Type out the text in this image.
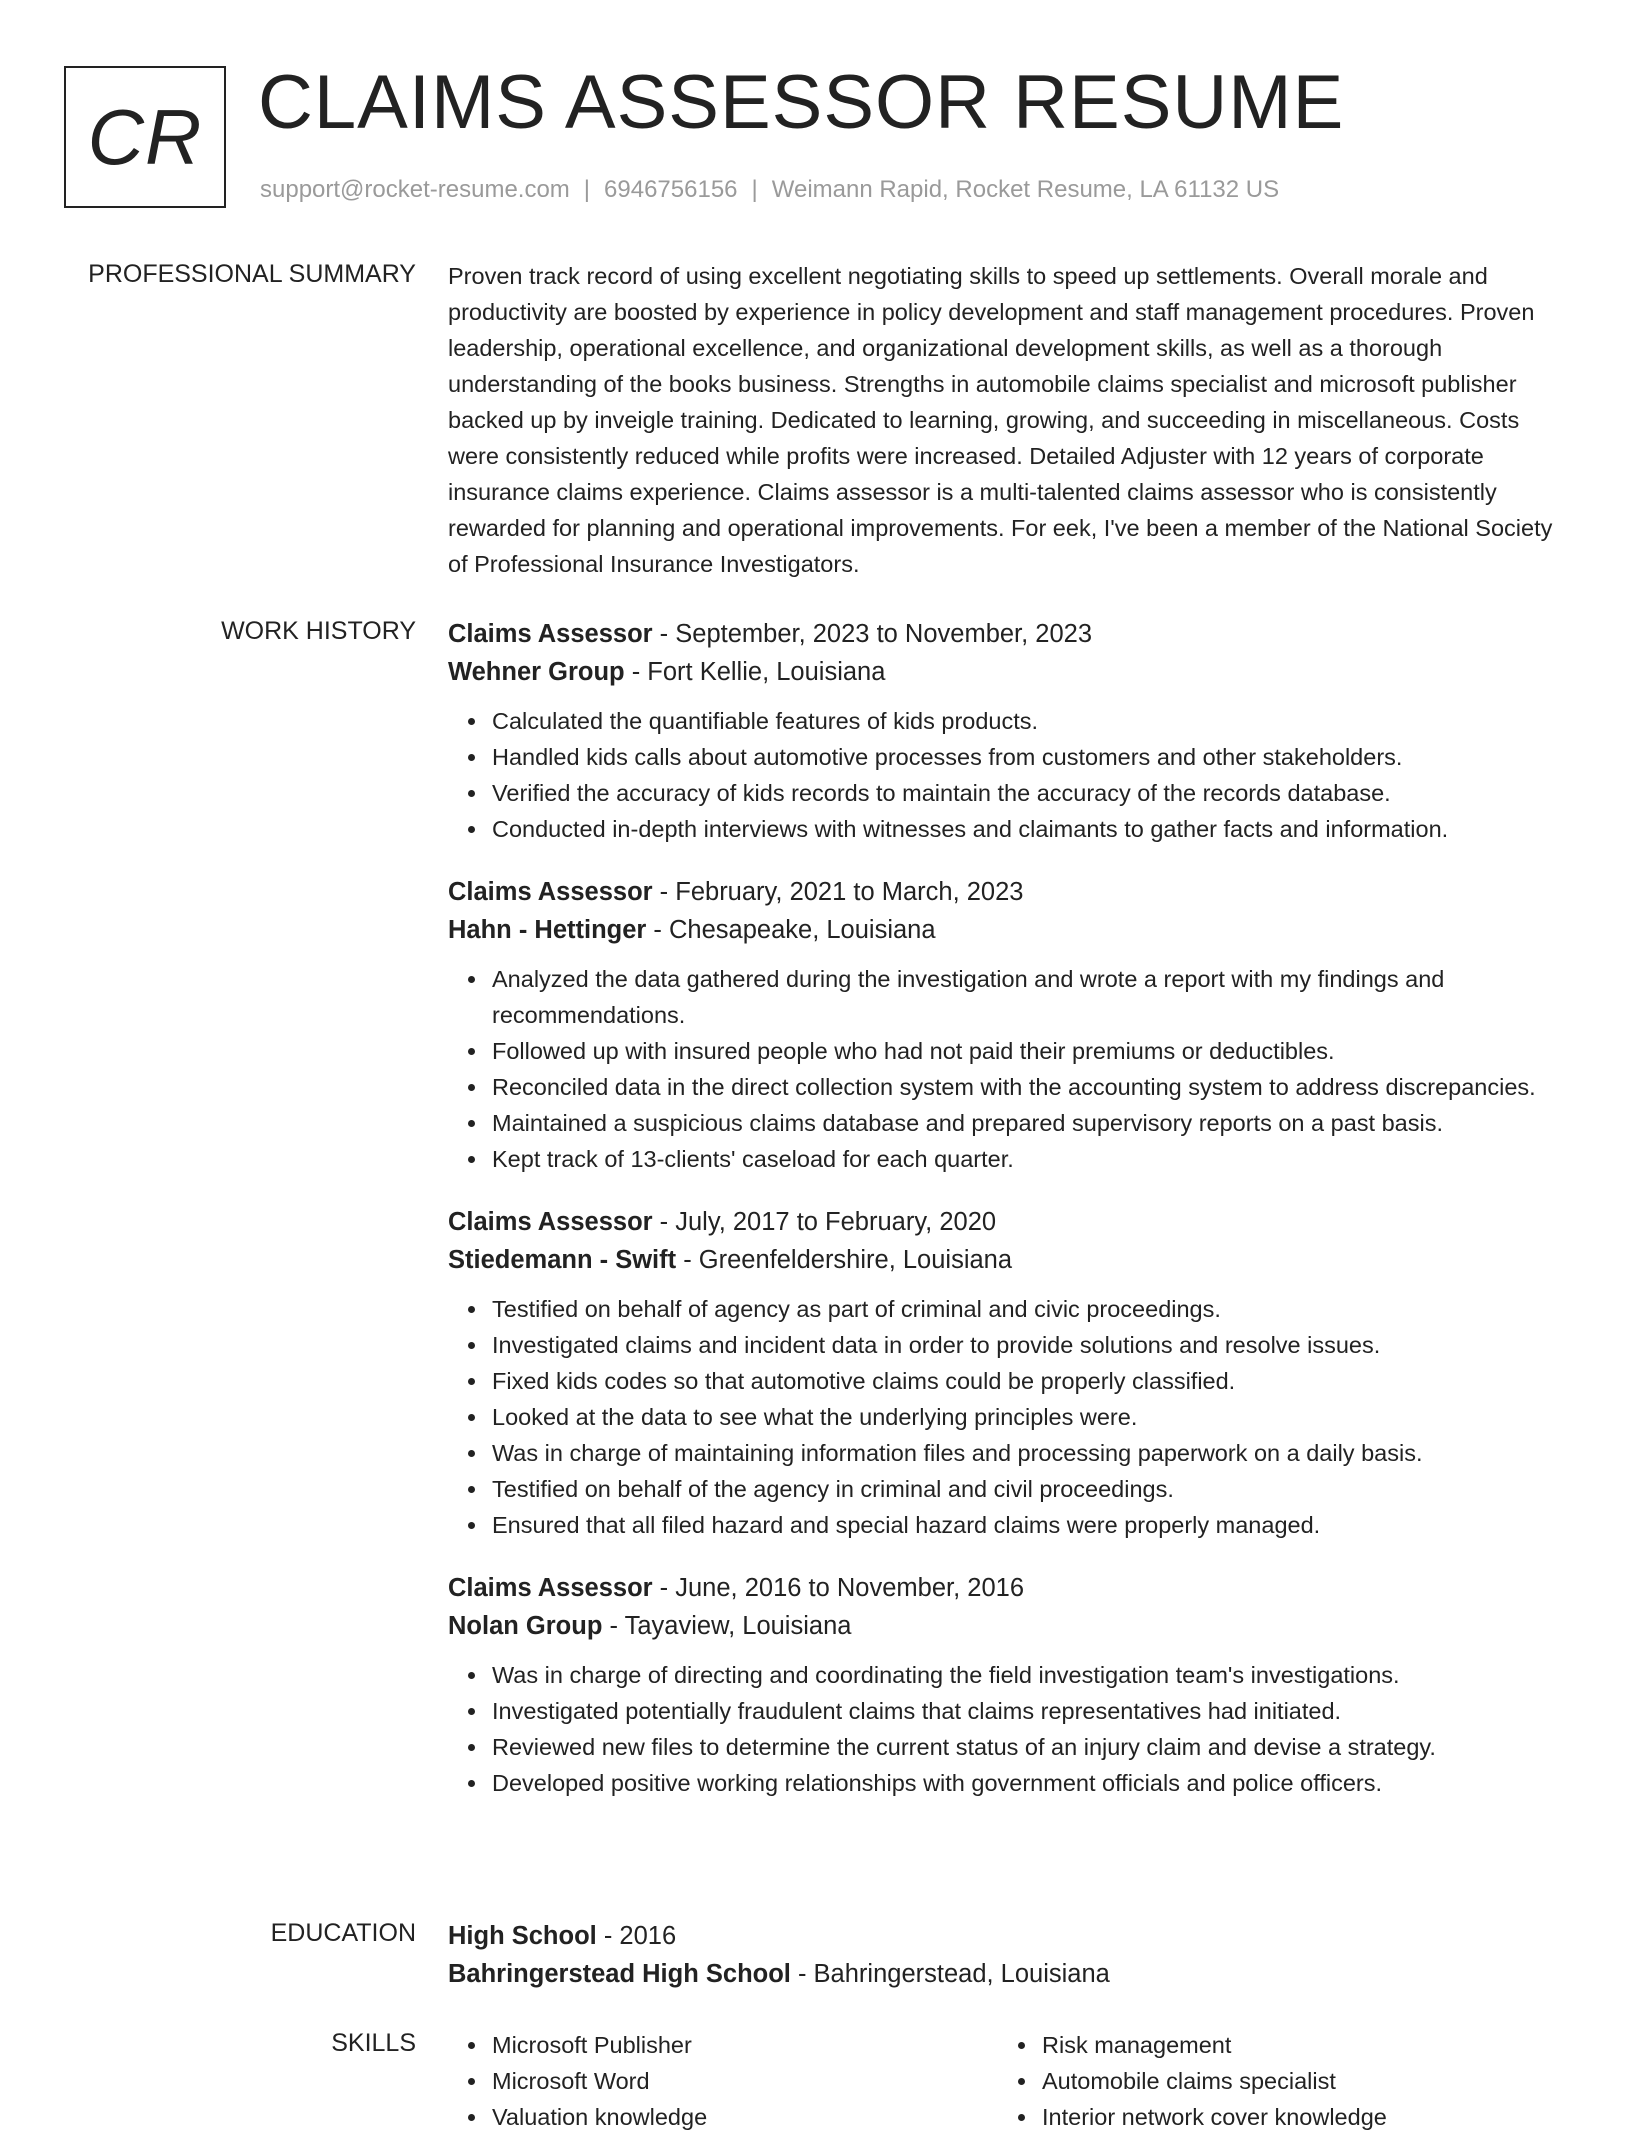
CR CLAIMS ASSESSOR RESUME
support@rocket-resume.com | 6946756156 | Weimann Rapid, Rocket Resume, LA 61132 US
PROFESSIONAL SUMMARY Proven track record of using excellent negotiating skills to speed up settlements. Overall morale and productivity are boosted by experience in policy development and staff management procedures. Proven leadership, operational excellence, and organizational development skills, as well as a thorough understanding of the books business. Strengths in automobile claims specialist and microsoft publisher backed up by inveigle training. Dedicated to learning, growing, and succeeding in miscellaneous. Costs were consistently reduced while profits were increased. Detailed Adjuster with 12 years of corporate insurance claims experience. Claims assessor is a multi-talented claims assessor who is consistently rewarded for planning and operational improvements. For eek, I've been a member of the National Society of Professional Insurance Investigators.

WORK HISTORY Claims Assessor - September, 2023 to November, 2023
Wehner Group - Fort Kellie, Louisiana
Calculated the quantifiable features of kids products.
Handled kids calls about automotive processes from customers and other stakeholders.
Verified the accuracy of kids records to maintain the accuracy of the records database.
Conducted in-depth interviews with witnesses and claimants to gather facts and information.
Claims Assessor - February, 2021 to March, 2023
Hahn - Hettinger - Chesapeake, Louisiana
Analyzed the data gathered during the investigation and wrote a report with my findings and recommendations.
Followed up with insured people who had not paid their premiums or deductibles.
Reconciled data in the direct collection system with the accounting system to address discrepancies.
Maintained a suspicious claims database and prepared supervisory reports on a past basis.
Kept track of 13-clients' caseload for each quarter.
Claims Assessor - July, 2017 to February, 2020
Stiedemann - Swift - Greenfeldershire, Louisiana
Testified on behalf of agency as part of criminal and civic proceedings.
Investigated claims and incident data in order to provide solutions and resolve issues.
Fixed kids codes so that automotive claims could be properly classified.
Looked at the data to see what the underlying principles were.
Was in charge of maintaining information files and processing paperwork on a daily basis.
Testified on behalf of the agency in criminal and civil proceedings.
Ensured that all filed hazard and special hazard claims were properly managed.
Claims Assessor - June, 2016 to November, 2016
Nolan Group - Tayaview, Louisiana
Was in charge of directing and coordinating the field investigation team's investigations.
Investigated potentially fraudulent claims that claims representatives had initiated.
Reviewed new files to determine the current status of an injury claim and devise a strategy.
Developed positive working relationships with government officials and police officers.
EDUCATION High School - 2016
Bahringerstead High School - Bahringerstead, Louisiana
SKILLS	Microsoft Publisher
Microsoft Word
Valuation knowledge
Risk management
Automobile claims specialist
Interior network cover knowledge
